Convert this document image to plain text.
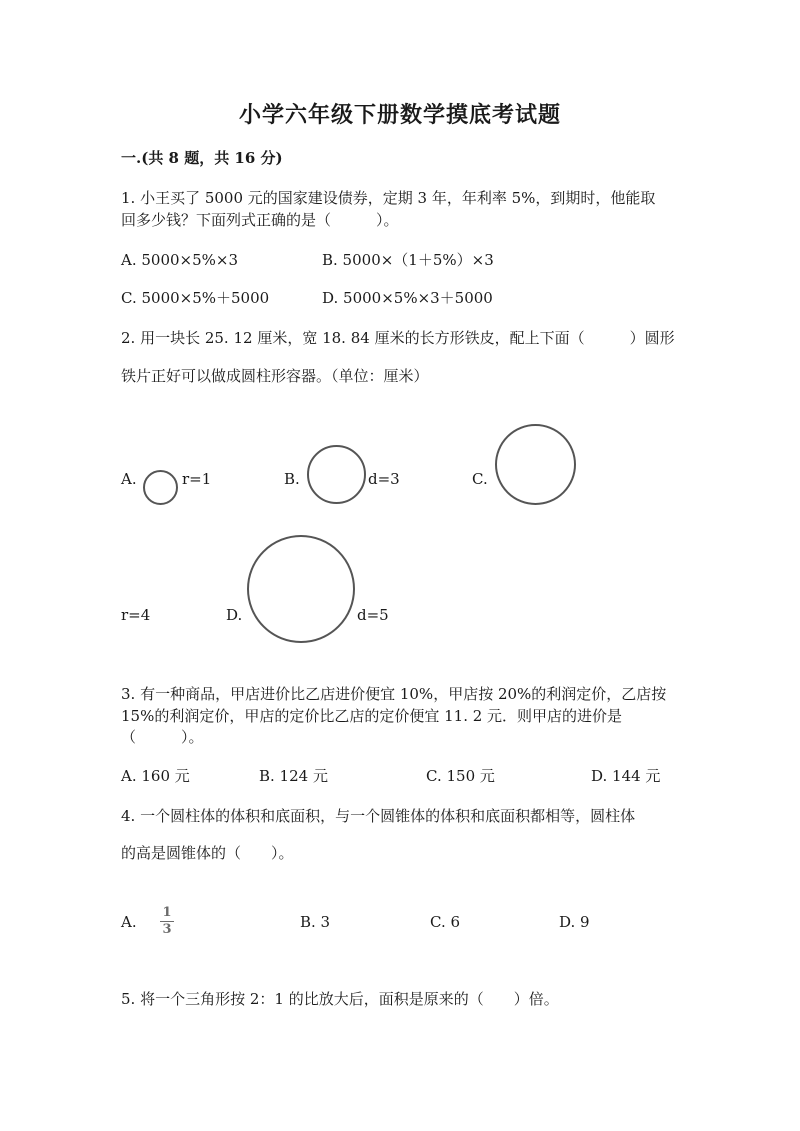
小学六年级下册数学摸底考试题
一.(共 8 题，共 16 分)
1. 小王买了 5000 元的国家建设债券，定期 3 年，年利率 5%，到期时，他能取
回多少钱？下面列式正确的是（　　　）。
A. 5000×5%×3	B. 5000×（1＋5%）×3
C. 5000×5%＋5000	D. 5000×5%×3＋5000
2. 用一块长 25. 12 厘米，宽 18. 84 厘米的长方形铁皮，配上下面（　　　）圆形
铁片正好可以做成圆柱形容器。（单位：厘米）
A.	r=1	B.	d=3	C.
r=4	D.	d=5
3. 有一种商品，甲店进价比乙店进价便宜 10%，甲店按 20%的利润定价，乙店按
15%的利润定价，甲店的定价比乙店的定价便宜 11. 2 元．则甲店的进价是
（　　　）。
A. 160 元	B. 124 元	C. 150 元	D. 144 元
4. 一个圆柱体的体积和底面积，与一个圆锥体的体积和底面积都相等，圆柱体
的高是圆锥体的（　　）。
A.
1
3	B. 3	C. 6	D. 9
5. 将一个三角形按 2：1 的比放大后，面积是原来的（　　）倍。
